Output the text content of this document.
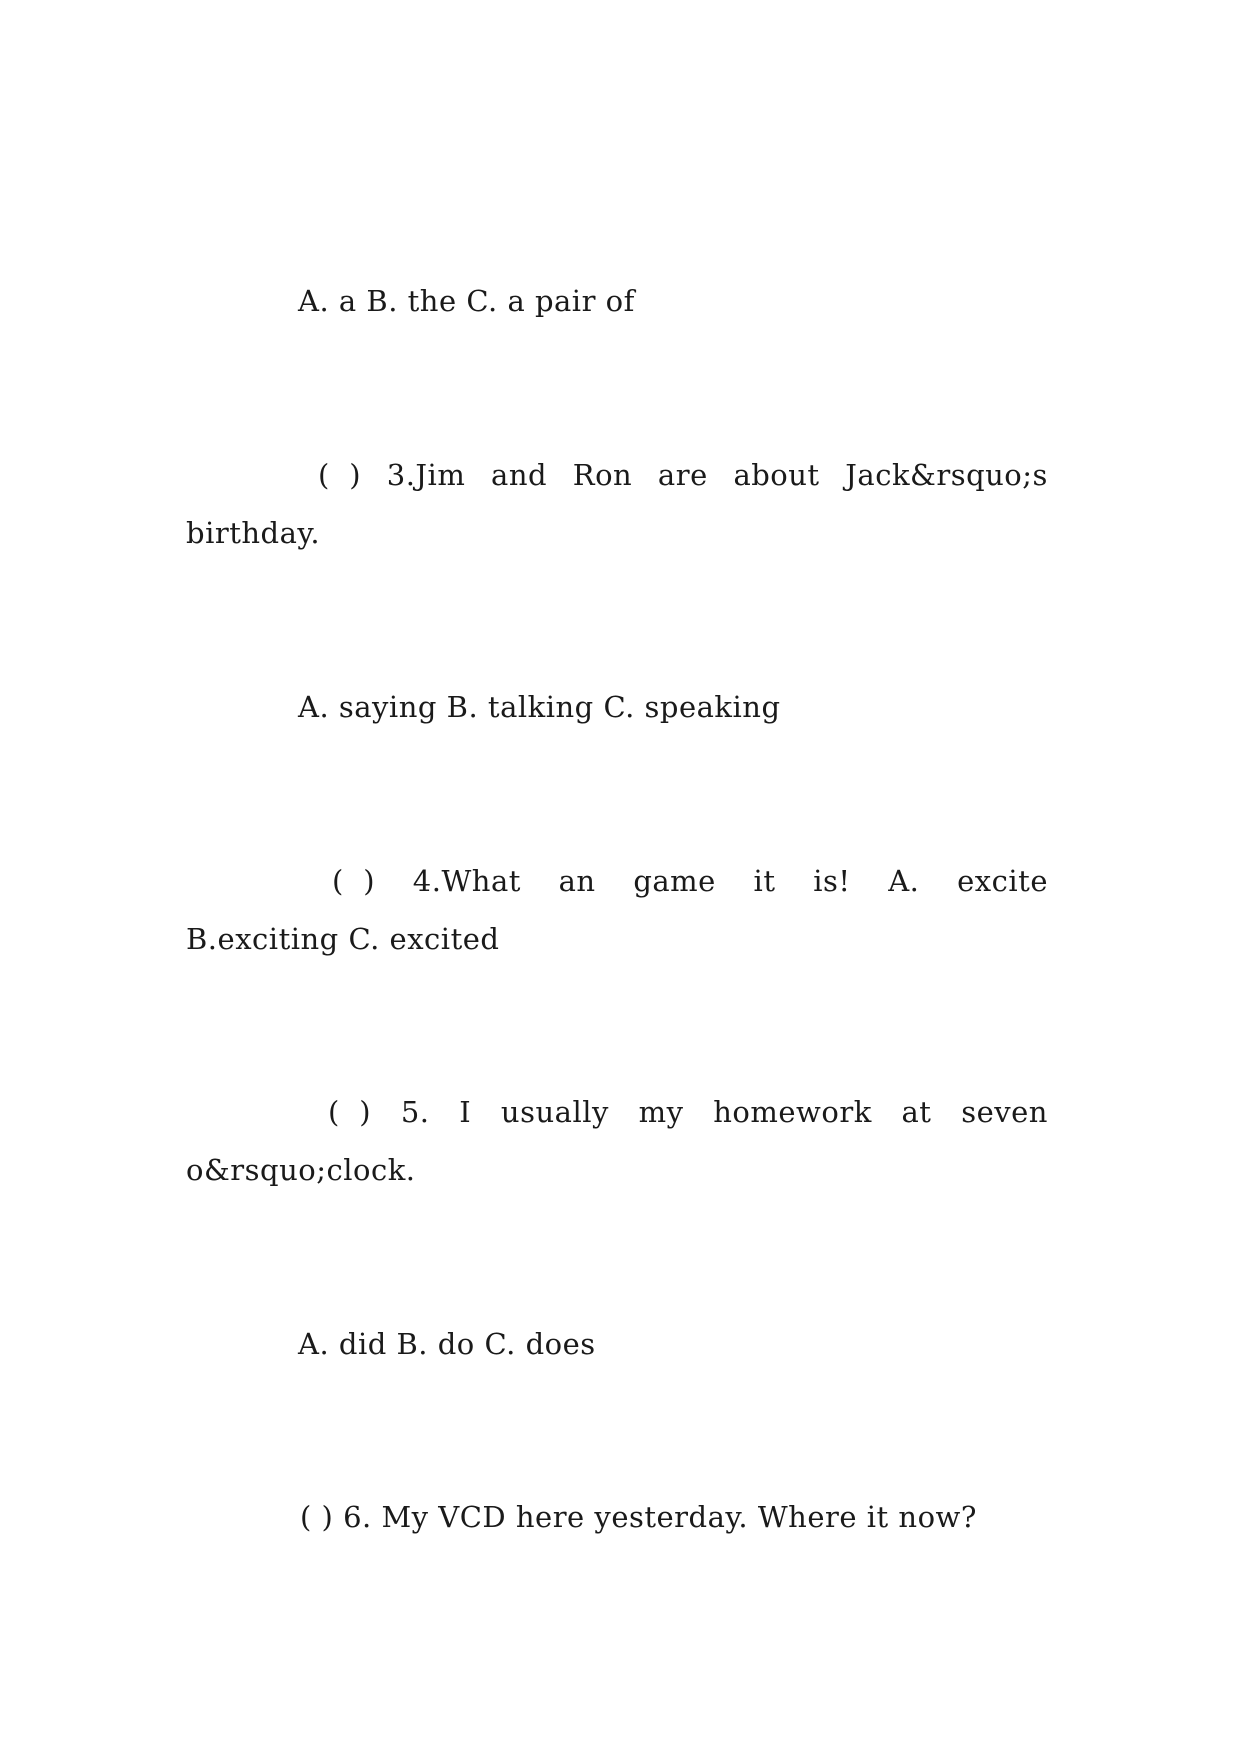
A. a B. the C. a pair of
(  ) 3.Jim and Ron are about Jack&rsquo;s
birthday.
A. saying B. talking C. speaking
(  ) 4.What an game it is! A. excite
B.exciting C. excited
(  ) 5. I usually my homework at seven
o&rsquo;clock.
A. did B. do C. does
( ) 6. My VCD here yesterday. Where it now?
